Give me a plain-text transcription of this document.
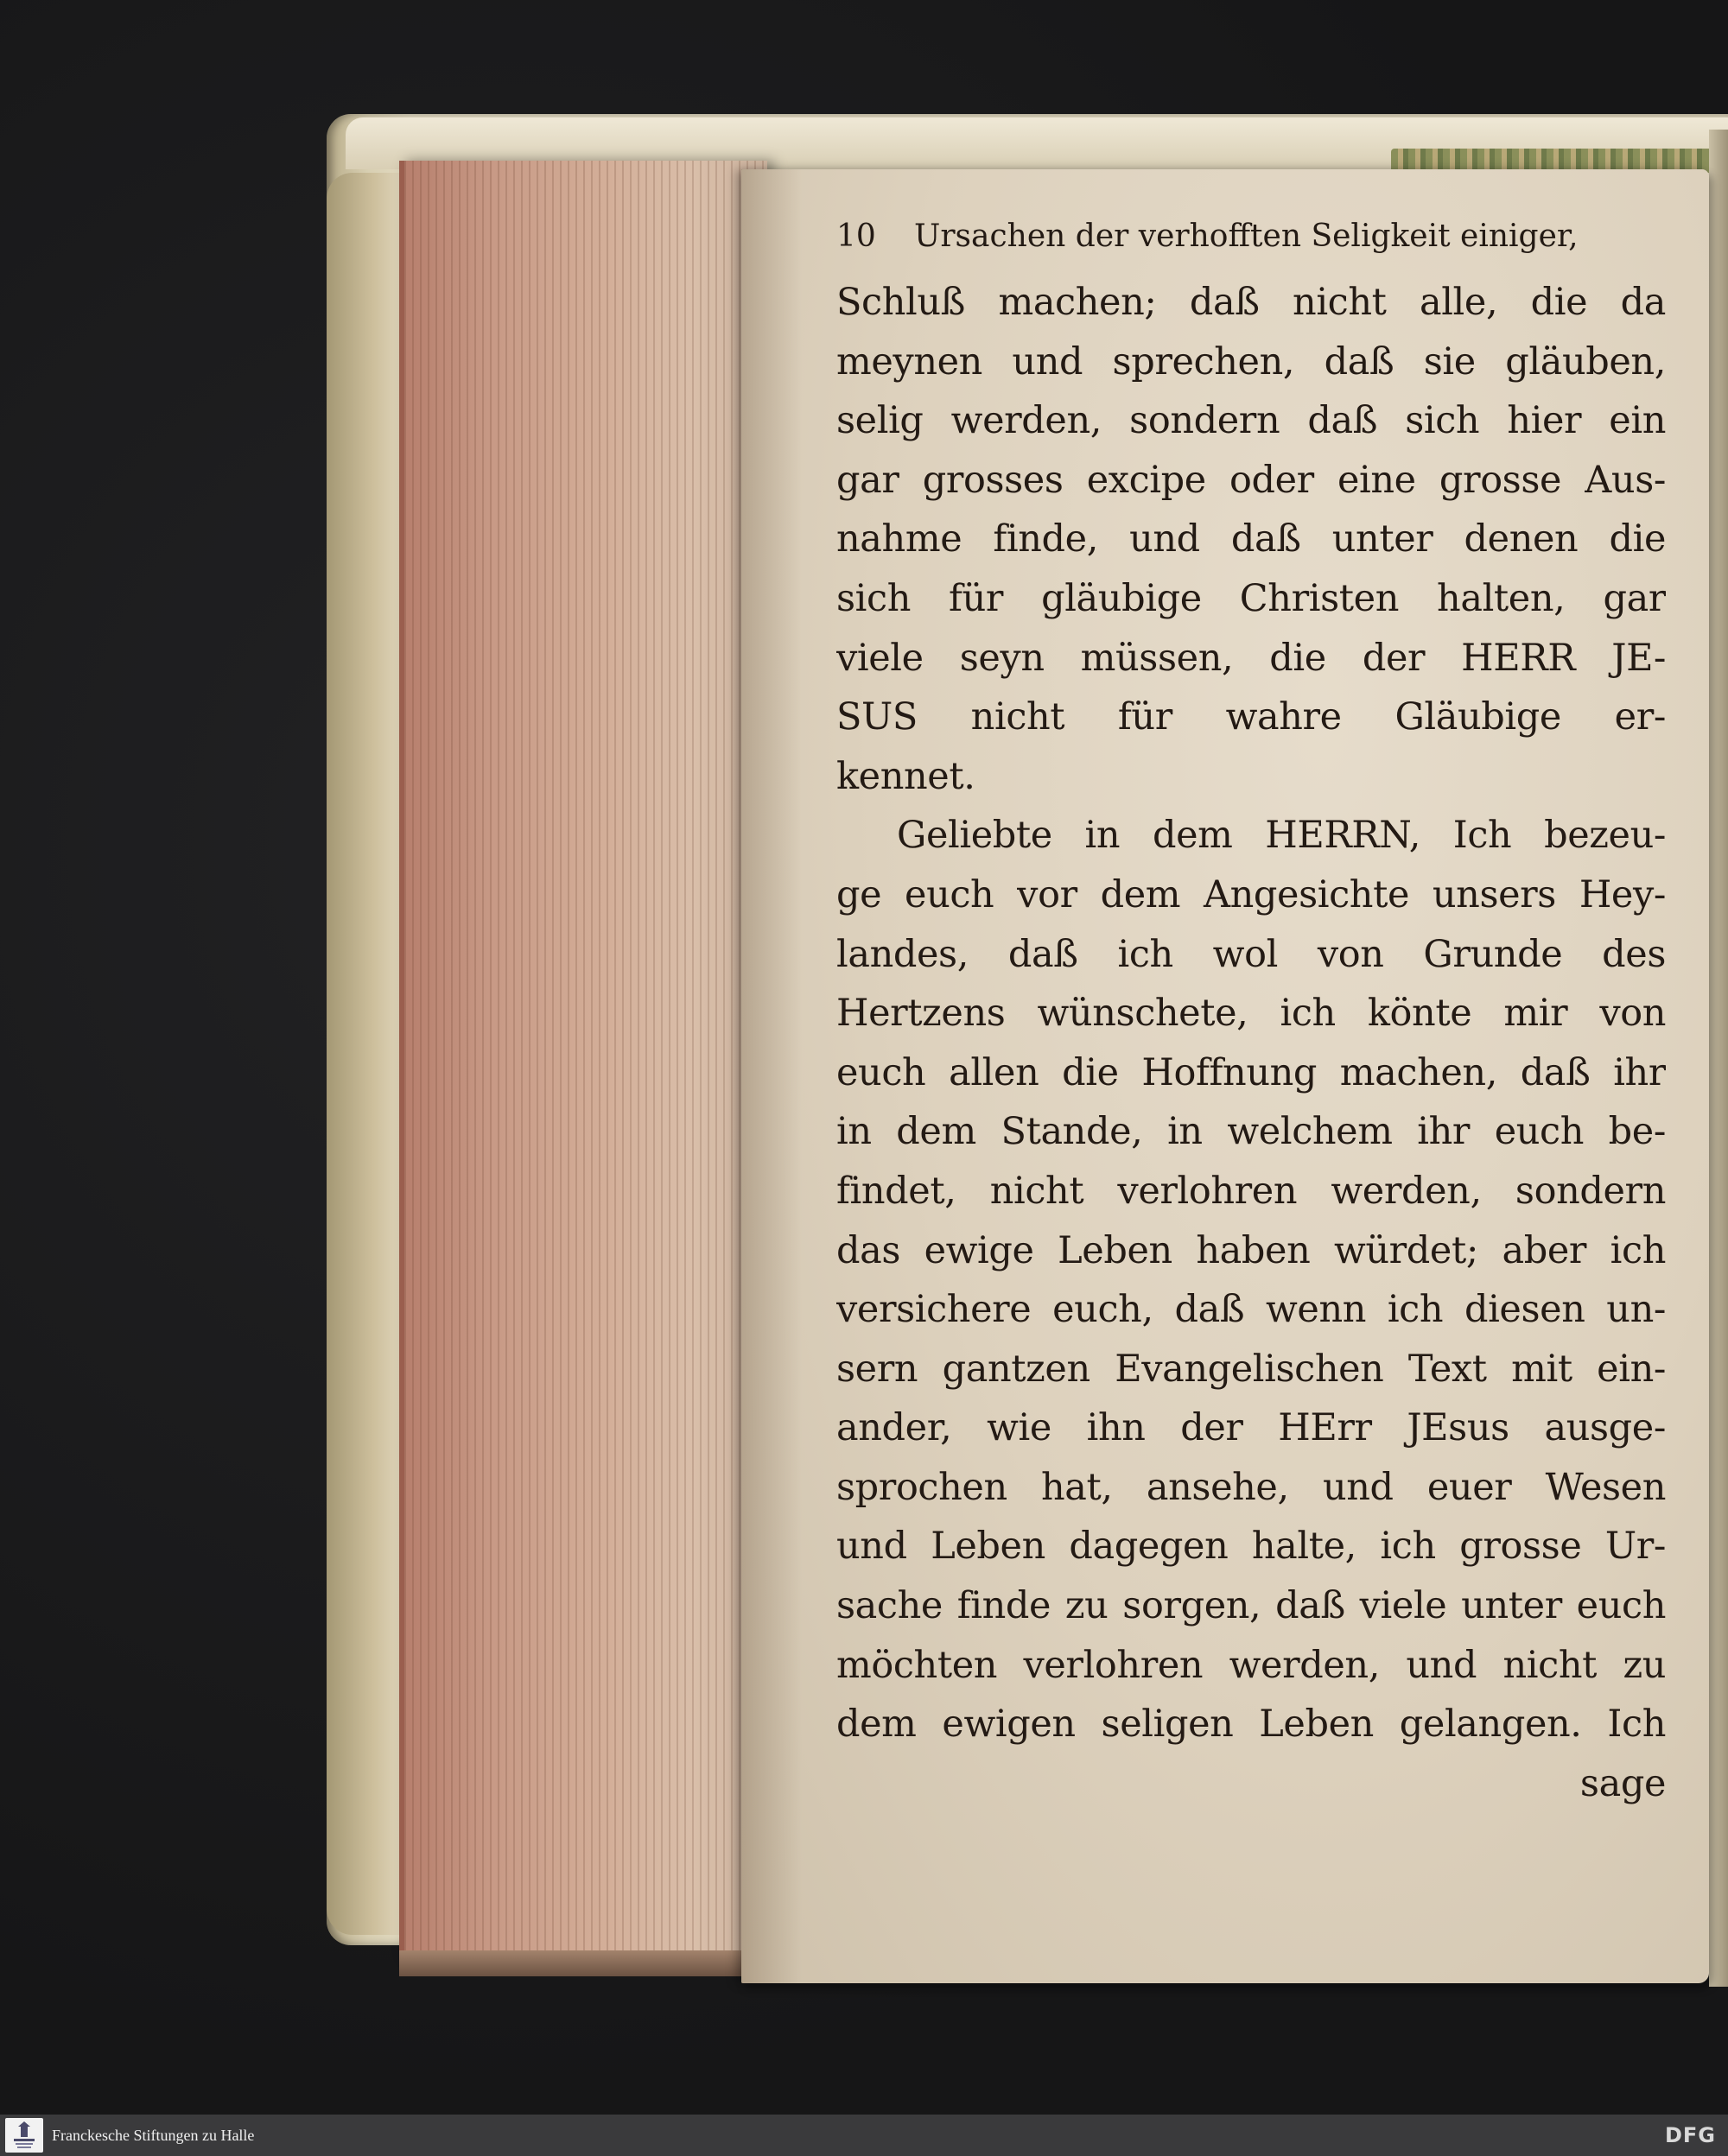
10 Ursachen der verhofften Seligkeit einiger,
Schluß machen; daß nicht alle, die da
meynen und sprechen, daß sie gläuben,
selig werden, sondern daß sich hier ein
gar grosses excipe oder eine grosse Aus-
nahme finde, und daß unter denen die
sich für gläubige Christen halten, gar
viele seyn müssen, die der HERR JE-
SUS nicht für wahre Gläubige er-
kennet.
Geliebte in dem HERRN, Ich bezeu-
ge euch vor dem Angesichte unsers Hey-
landes, daß ich wol von Grunde des
Hertzens wünschete, ich könte mir von
euch allen die Hoffnung machen, daß ihr
in dem Stande, in welchem ihr euch be-
findet, nicht verlohren werden, sondern
das ewige Leben haben würdet; aber ich
versichere euch, daß wenn ich diesen un-
sern gantzen Evangelischen Text mit ein-
ander, wie ihn der HErr JEsus ausge-
sprochen hat, ansehe, und euer Wesen
und Leben dagegen halte, ich grosse Ur-
sache finde zu sorgen, daß viele unter euch
möchten verlohren werden, und nicht zu
dem ewigen seligen Leben gelangen. Ich
sage
Franckesche Stiftungen zu Halle	DFG
